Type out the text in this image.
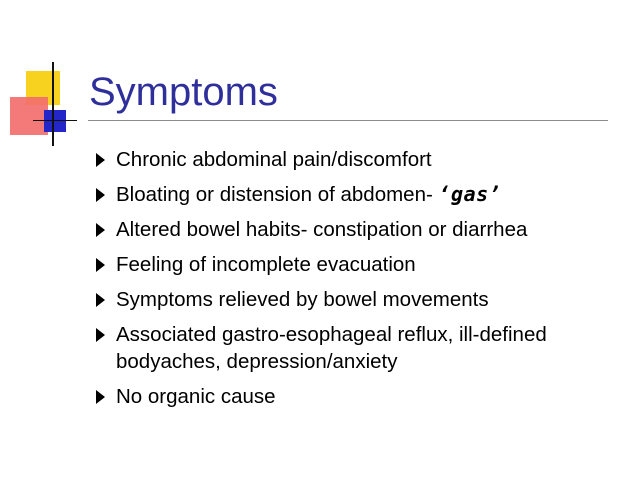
Symptoms
Chronic abdominal pain/discomfort
Bloating or distension of abdomen- ‘gas’
Altered bowel habits- constipation or diarrhea
Feeling of incomplete evacuation
Symptoms relieved by bowel movements
Associated gastro-esophageal reflux, ill-defined bodyaches, depression/anxiety
No organic cause
